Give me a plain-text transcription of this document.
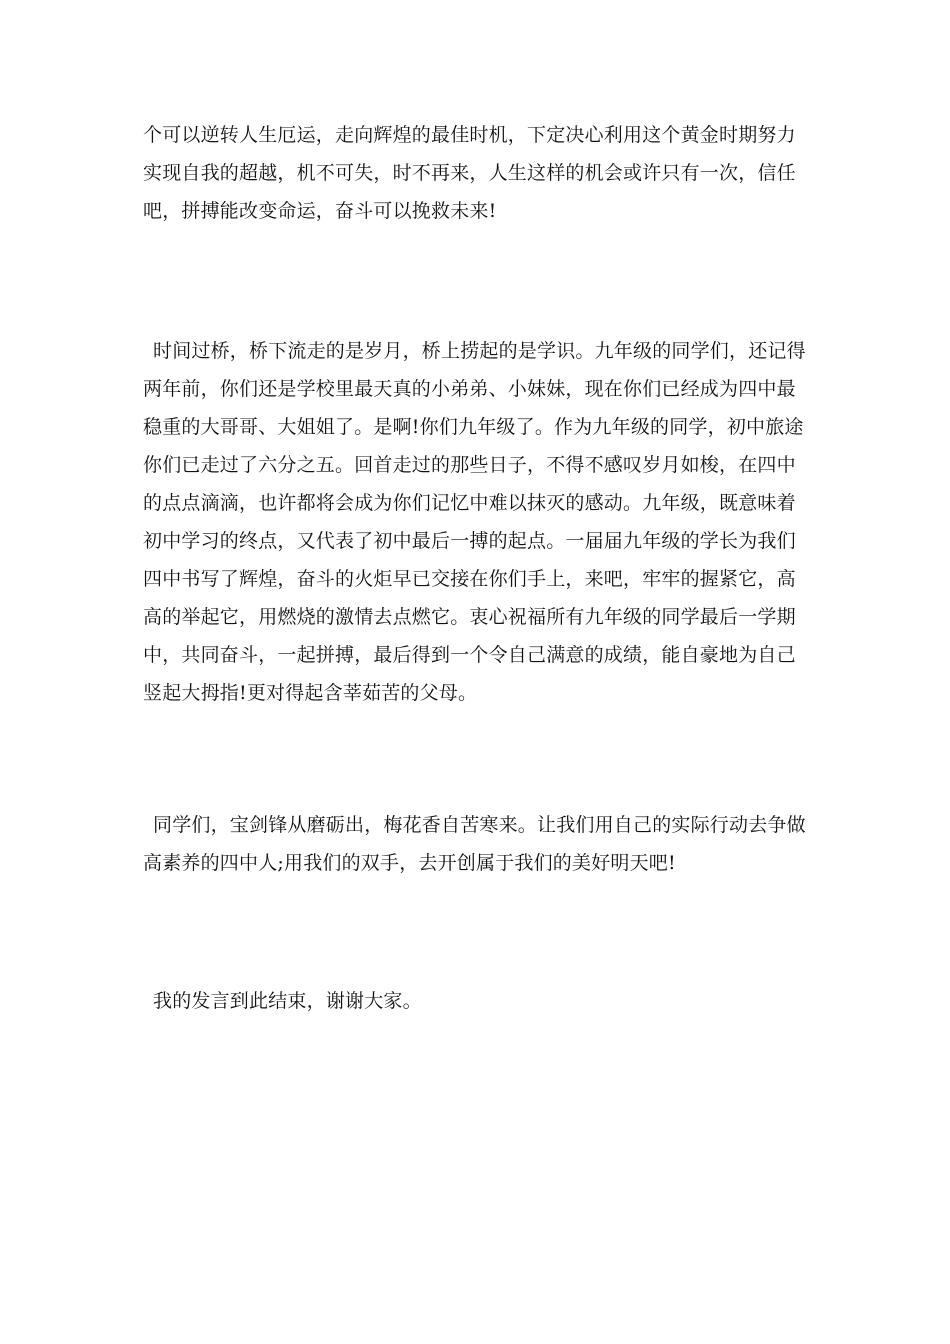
个可以逆转人生厄运，走向辉煌的最佳时机，下定决心利用这个黄金时期努力
实现自我的超越，机不可失，时不再来，人生这样的机会或许只有一次，信任
吧，拼搏能改变命运，奋斗可以挽救未来!
时间过桥，桥下流走的是岁月，桥上捞起的是学识。九年级的同学们，还记得
两年前，你们还是学校里最天真的小弟弟、小妹妹，现在你们已经成为四中最
稳重的大哥哥、大姐姐了。是啊!你们九年级了。作为九年级的同学，初中旅途
你们已走过了六分之五。回首走过的那些日子，不得不感叹岁月如梭，在四中
的点点滴滴，也许都将会成为你们记忆中难以抹灭的感动。九年级，既意味着
初中学习的终点，又代表了初中最后一搏的起点。一届届九年级的学长为我们
四中书写了辉煌，奋斗的火炬早已交接在你们手上，来吧，牢牢的握紧它，高
高的举起它，用燃烧的激情去点燃它。衷心祝福所有九年级的同学最后一学期
中，共同奋斗，一起拼搏，最后得到一个令自己满意的成绩，能自豪地为自己
竖起大拇指!更对得起含莘茹苦的父母。
同学们，宝剑锋从磨砺出，梅花香自苦寒来。让我们用自己的实际行动去争做
高素养的四中人;用我们的双手，去开创属于我们的美好明天吧!
我的发言到此结束，谢谢大家。
